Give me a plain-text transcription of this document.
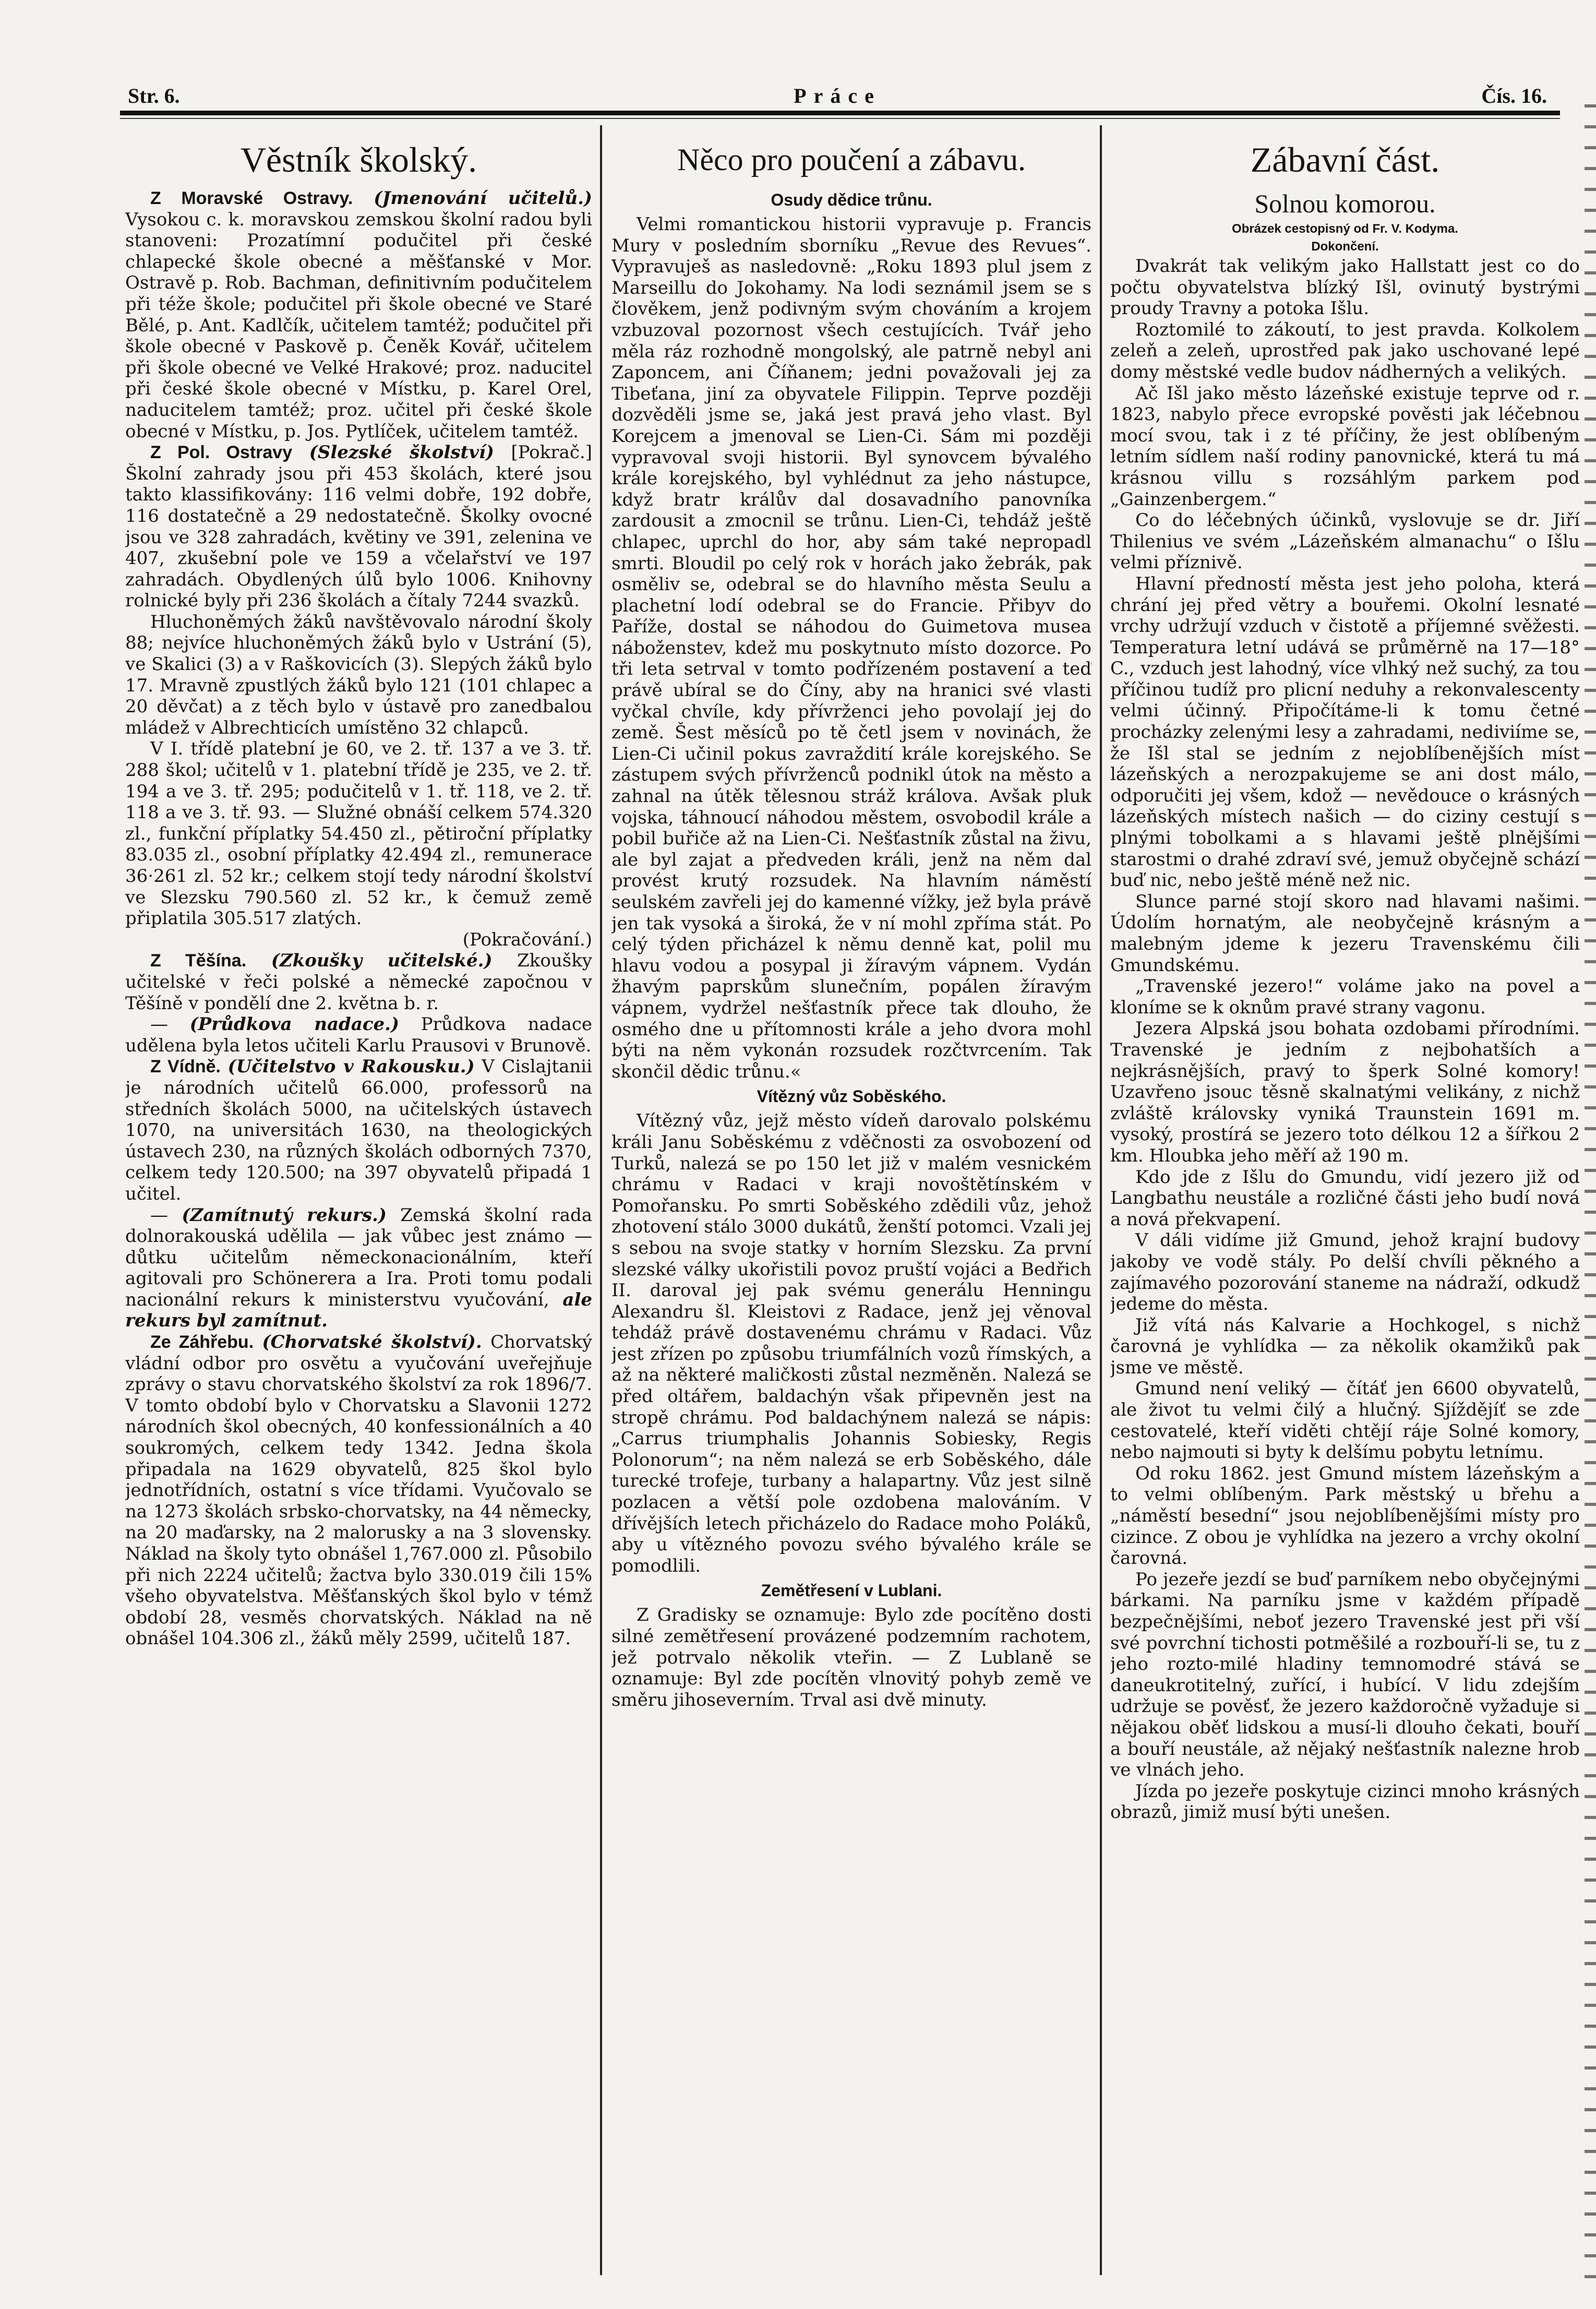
Str. 6.	Práce	Čís. 16.
Věstník školský.

Z Moravské Ostravy. (Jmenování učitelů.) Vysokou c. k. moravskou zemskou školní radou byli stanoveni: Prozatímní podučitel při české chlapecké škole obecné a měšťanské v Mor. Ostravě p. Rob. Bachman, definitivním podučitelem při téže škole; podučitel při škole obecné ve Staré Bělé, p. Ant. Kadlčík, učitelem tamtéž; podučitel při škole obecné v Paskově p. Čeněk Kovář, učitelem při škole obecné ve Velké Hrakové; proz. naducitel při české škole obecné v Místku, p. Karel Orel, naducitelem tamtéž; proz. učitel při české škole obecné v Místku, p. Jos. Pytlíček, učitelem tamtéž.

Z Pol. Ostravy (Slezské školství) [Pokrač.] Školní zahrady jsou při 453 školách, které jsou takto klassifikovány: 116 velmi dobře, 192 dobře, 116 dostatečně a 29 nedostatečně. Školky ovocné jsou ve 328 zahradách, květiny ve 391, zelenina ve 407, zkušební pole ve 159 a včelařství ve 197 zahradách. Obydlených úlů bylo 1006. Knihovny rolnické byly při 236 školách a čítaly 7244 svazků.

Hluchoněmých žáků navštěvovalo národní školy 88; nejvíce hluchoněmých žáků bylo v Ustrání (5), ve Skalici (3) a v Raškovicích (3). Slepých žáků bylo 17. Mravně zpustlých žáků bylo 121 (101 chlapec a 20 děvčat) a z těch bylo v ústavě pro zanedbalou mládež v Albrechticích umístěno 32 chlapců.

V I. třídě platební je 60, ve 2. tř. 137 a ve 3. tř. 288 škol; učitelů v 1. platební třídě je 235, ve 2. tř. 194 a ve 3. tř. 295; podučitelů v 1. tř. 118, ve 2. tř. 118 a ve 3. tř. 93. — Služné obnáší celkem 574.320 zl., funkční příplatky 54.450 zl., pětiroční příplatky 83.035 zl., osobní příplatky 42.494 zl., remunerace 36·261 zl. 52 kr.; celkem stojí tedy národní školství ve Slezsku 790.560 zl. 52 kr., k čemuž země připlatila 305.517 zlatých.
(Pokračování.)

Z Těšína. (Zkoušky učitelské.) Zkoušky učitelské v řeči polské a německé započnou v Těšíně v pondělí dne 2. května b. r.

— (Průdkova nadace.) Průdkova nadace udělena byla letos učiteli Karlu Prausovi v Brunově.

Z Vídně. (Učitelstvo v Rakousku.) V Cislajtanii je národních učitelů 66.000, professorů na středních školách 5000, na učitelských ústavech 1070, na universitách 1630, na theologických ústavech 230, na různých školách odborných 7370, celkem tedy 120.500; na 397 obyvatelů připadá 1 učitel.

— (Zamítnutý rekurs.) Zemská školní rada dolnorakouská udělila — jak vůbec jest známo — důtku učitelům německonacionálním, kteří agitovali pro Schönerera a Ira. Proti tomu podali nacionální rekurs k ministerstvu vyučování, ale rekurs byl zamítnut.

Ze Záhřebu. (Chorvatské školství). Chorvatský vládní odbor pro osvětu a vyučování uveřejňuje zprávy o stavu chorvatského školství za rok 1896/7. V tomto období bylo v Chorvatsku a Slavonii 1272 národních škol obecných, 40 konfessionálních a 40 soukromých, celkem tedy 1342. Jedna škola připadala na 1629 obyvatelů, 825 škol bylo jednotřídních, ostatní s více třídami. Vyučovalo se na 1273 školách srbsko-chorvatsky, na 44 německy, na 20 maďarsky, na 2 malorusky a na 3 slovensky. Náklad na školy tyto obnášel 1,767.000 zl. Působilo při nich 2224 učitelů; žactva bylo 330.019 čili 15% všeho obyvatelstva. Měšťanských škol bylo v témž období 28, vesměs chorvatských. Náklad na ně obnášel 104.306 zl., žáků měly 2599, učitelů 187.

Něco pro poučení a zábavu.
Osudy dědice trůnu.

Velmi romantickou historii vypravuje p. Francis Mury v posledním sborníku „Revue des Revues“. Vypravuješ as nasledovně: „Roku 1893 plul jsem z Marseillu do Jokohamy. Na lodi seznámil jsem se s člověkem, jenž podivným svým chováním a krojem vzbuzoval pozornost všech cestujících. Tvář jeho měla ráz rozhodně mongolský, ale patrně nebyl ani Zaponcem, ani Číňanem; jedni považovali jej za Tibeťana, jiní za obyvatele Filippin. Teprve později dozvěděli jsme se, jaká jest pravá jeho vlast. Byl Korejcem a jmenoval se Lien-Ci. Sám mi později vypravoval svoji historii. Byl synovcem bývalého krále korejského, byl vyhlédnut za jeho nástupce, když bratr králův dal dosavadního panovníka zardousit a zmocnil se trůnu. Lien-Ci, tehdáž ještě chlapec, uprchl do hor, aby sám také nepropadl smrti. Bloudil po celý rok v horách jako žebrák, pak osměliv se, odebral se do hlavního města Seulu a plachetní lodí odebral se do Francie. Přibyv do Paříže, dostal se náhodou do Guimetova musea náboženstev, kdež mu poskytnuto místo dozorce. Po tři leta setrval v tomto podřízeném postavení a teď právě ubíral se do Číny, aby na hranici své vlasti vyčkal chvíle, kdy přívrženci jeho povolají jej do země. Šest měsíců po tě četl jsem v novinách, že Lien-Ci učinil pokus zavraždití krále korejského. Se zástupem svých přívrženců podnikl útok na město a zahnal na útěk tělesnou stráž králova. Avšak pluk vojska, táhnoucí náhodou městem, osvobodil krále a pobil buřiče až na Lien-Ci. Nešťastník zůstal na živu, ale byl zajat a předveden králi, jenž na něm dal provést krutý rozsudek. Na hlavním náměstí seulském zavřeli jej do kamenné vížky, jež byla právě jen tak vysoká a široká, že v ní mohl zpříma stát. Po celý týden přicházel k němu denně kat, polil mu hlavu vodou a posypal ji žíravým vápnem. Vydán žhavým paprskům slunečním, popálen žíravým vápnem, vydržel nešťastník přece tak dlouho, že osmého dne u přítomnosti krále a jeho dvora mohl býti na něm vykonán rozsudek rozčtvrcením. Tak skončil dědic trůnu.«

Vítězný vůz Soběského.

Vítězný vůz, jejž město vídeň darovalo polskému králi Janu Soběskému z vděčnosti za osvobození od Turků, nalezá se po 150 let již v malém vesnickém chrámu v Radaci v kraji novoštětínském v Pomořansku. Po smrti Soběského zdědili vůz, jehož zhotovení stálo 3000 dukátů, ženští potomci. Vzali jej s sebou na svoje statky v horním Slezsku. Za první slezské války ukořistili povoz pruští vojáci a Bedřich II. daroval jej pak svému generálu Henningu Alexandru šl. Kleistovi z Radace, jenž jej věnoval tehdáž právě dostavenému chrámu v Radaci. Vůz jest zřízen po způsobu triumfálních vozů římských, a až na některé maličkosti zůstal nezměněn. Nalezá se před oltářem, baldachýn však připevněn jest na stropě chrámu. Pod baldachýnem nalezá se nápis: „Carrus triumphalis Johannis Sobiesky, Regis Polonorum“; na něm nalezá se erb Soběského, dále turecké trofeje, turbany a halapartny. Vůz jest silně pozlacen a větší pole ozdobena malováním. V dřívějších letech přicházelo do Radace moho Poláků, aby u vítězného povozu svého bývalého krále se pomodlili.

Zemětřesení v Lublani.

Z Gradisky se oznamuje: Bylo zde pocítěno dosti silné zemětřesení provázené podzemním rachotem, jež potrvalo několik vteřin. — Z Lublaně se oznamuje: Byl zde pocítěn vlnovitý pohyb země ve směru jihoseverním. Trval asi dvě minuty.

Zábavní část.
Solnou komorou.
Obrázek cestopisný od Fr. V. Kodyma.
Dokončení.

Dvakrát tak velikým jako Hallstatt jest co do počtu obyvatelstva blízký Išl, ovinutý bystrými proudy Travny a potoka Išlu.

Roztomilé to zákoutí, to jest pravda. Kolkolem zeleň a zeleň, uprostřed pak jako uschované lepé domy městské vedle budov nádherných a velikých.

Ač Išl jako město lázeňské existuje teprve od r. 1823, nabylo přece evropské pověsti jak léčebnou mocí svou, tak i z té příčiny, že jest oblíbeným letním sídlem naší rodiny panovnické, která tu má krásnou villu s rozsáhlým parkem pod „Gainzenbergem.“

Co do léčebných účinků, vyslovuje se dr. Jiří Thilenius ve svém „Lázeňském almanachu“ o Išlu velmi příznivě.

Hlavní předností města jest jeho poloha, která chrání jej před větry a bouřemi. Okolní lesnaté vrchy udržují vzduch v čistotě a příjemné svěžesti. Temperatura letní udává se průměrně na 17—18° C., vzduch jest lahodný, více vlhký než suchý, za tou příčinou tudíž pro plicní neduhy a rekonvalescenty velmi účinný. Připočítáme-li k tomu četné procházky zelenými lesy a zahradami, nediviíme se, že Išl stal se jedním z nejoblíbenějších míst lázeňských a nerozpakujeme se ani dost málo, odporučiti jej všem, kdož — nevědouce o krásných lázeňských místech našich — do ciziny cestují s plnými tobolkami a s hlavami ještě plnějšími starostmi o drahé zdraví své, jemuž obyčejně schází buď nic, nebo ještě méně než nic.

Slunce parné stojí skoro nad hlavami našimi. Údolím hornatým, ale neobyčejně krásným a malebným jdeme k jezeru Travenskému čili Gmundskému.

„Travenské jezero!“ voláme jako na povel a kloníme se k oknům pravé strany vagonu.

Jezera Alpská jsou bohata ozdobami přírodními. Travenské je jedním z nejbohatších a nejkrásnějších, pravý to šperk Solné komory! Uzavřeno jsouc těsně skalnatými velikány, z nichž zvláště královsky vyniká Traunstein 1691 m. vysoký, prostírá se jezero toto délkou 12 a šířkou 2 km. Hloubka jeho měří až 190 m.

Kdo jde z Išlu do Gmundu, vidí jezero již od Langbathu neustále a rozličné části jeho budí nová a nová překvapení.

V dáli vidíme již Gmund, jehož krajní budovy jakoby ve vodě stály. Po delší chvíli pěkného a zajímavého pozorování staneme na nádraží, odkudž jedeme do města.

Již vítá nás Kalvarie a Hochkogel, s nichž čarovná je vyhlídka — za několik okamžiků pak jsme ve městě.

Gmund není veliký — čítáť jen 6600 obyvatelů, ale život tu velmi čilý a hlučný. Sjíždějíť se zde cestovatelé, kteří viděti chtějí ráje Solné komory, nebo najmouti si byty k delšímu pobytu letnímu.

Od roku 1862. jest Gmund místem lázeňským a to velmi oblíbeným. Park městský u břehu a „náměstí besední“ jsou nejoblíbenějšími místy pro cizince. Z obou je vyhlídka na jezero a vrchy okolní čarovná.

Po jezeře jezdí se buď parníkem nebo obyčejnými bárkami. Na parníku jsme v každém případě bezpečnějšími, neboť jezero Travenské jest při vší své povrchní tichosti potměšilé a rozbouří-li se, tu z jeho rozto-milé hladiny temnomodré stává se daneukrotitelný, zuřící, i hubící. V lidu zdejším udržuje se pověsť, že jezero každoročně vyžaduje si nějakou oběť lidskou a musí-li dlouho čekati, bouří a bouří neustále, až nějaký nešťastník nalezne hrob ve vlnách jeho.

Jízda po jezeře poskytuje cizinci mnoho krásných obrazů, jimiž musí býti unešen.
